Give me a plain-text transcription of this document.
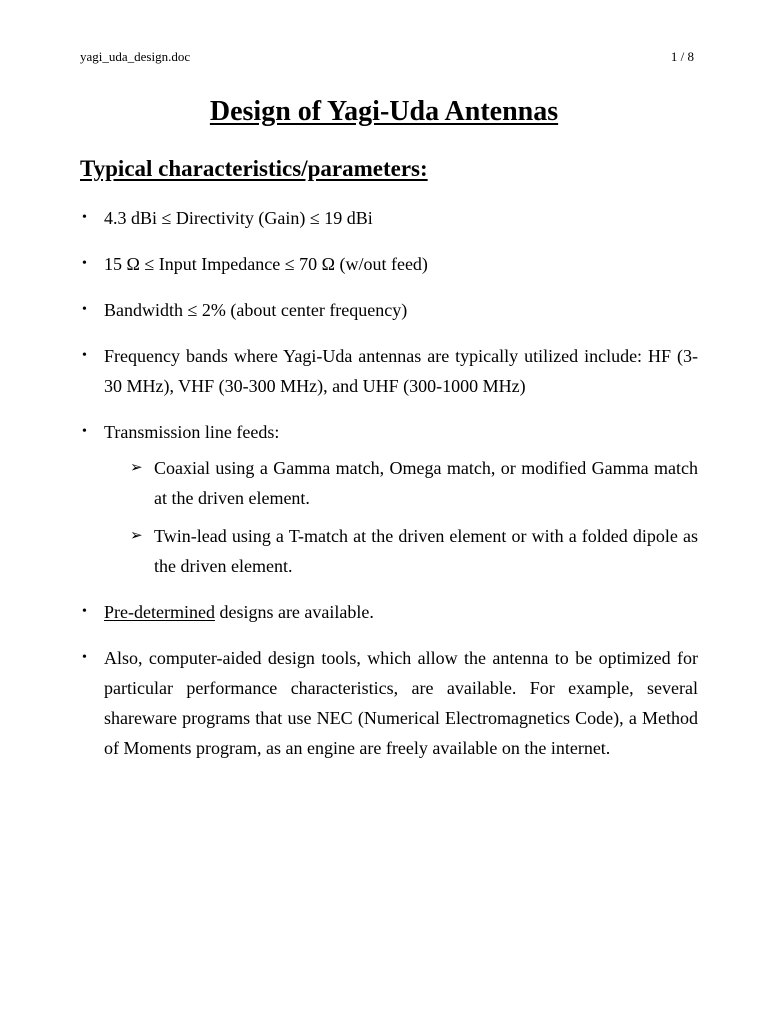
yagi_uda_design.doc	1 / 8
Design of Yagi-Uda Antennas
Typical characteristics/parameters:
• 4.3 dBi ≤ Directivity (Gain) ≤ 19 dBi
• 15 Ω ≤ Input Impedance ≤ 70 Ω (w/out feed)
• Bandwidth ≤ 2% (about center frequency)
• Frequency bands where Yagi-Uda antennas are typically utilized include: HF (3-30 MHz), VHF (30-300 MHz), and UHF (300-1000 MHz)
• Transmission line feeds:
➢ Coaxial using a Gamma match, Omega match, or modified Gamma match at the driven element.
➢ Twin-lead using a T-match at the driven element or with a folded dipole as the driven element.
• Pre-determined designs are available.
• Also, computer-aided design tools, which allow the antenna to be optimized for particular performance characteristics, are available. For example, several shareware programs that use NEC (Numerical Electromagnetics Code), a Method of Moments program, as an engine are freely available on the internet.
